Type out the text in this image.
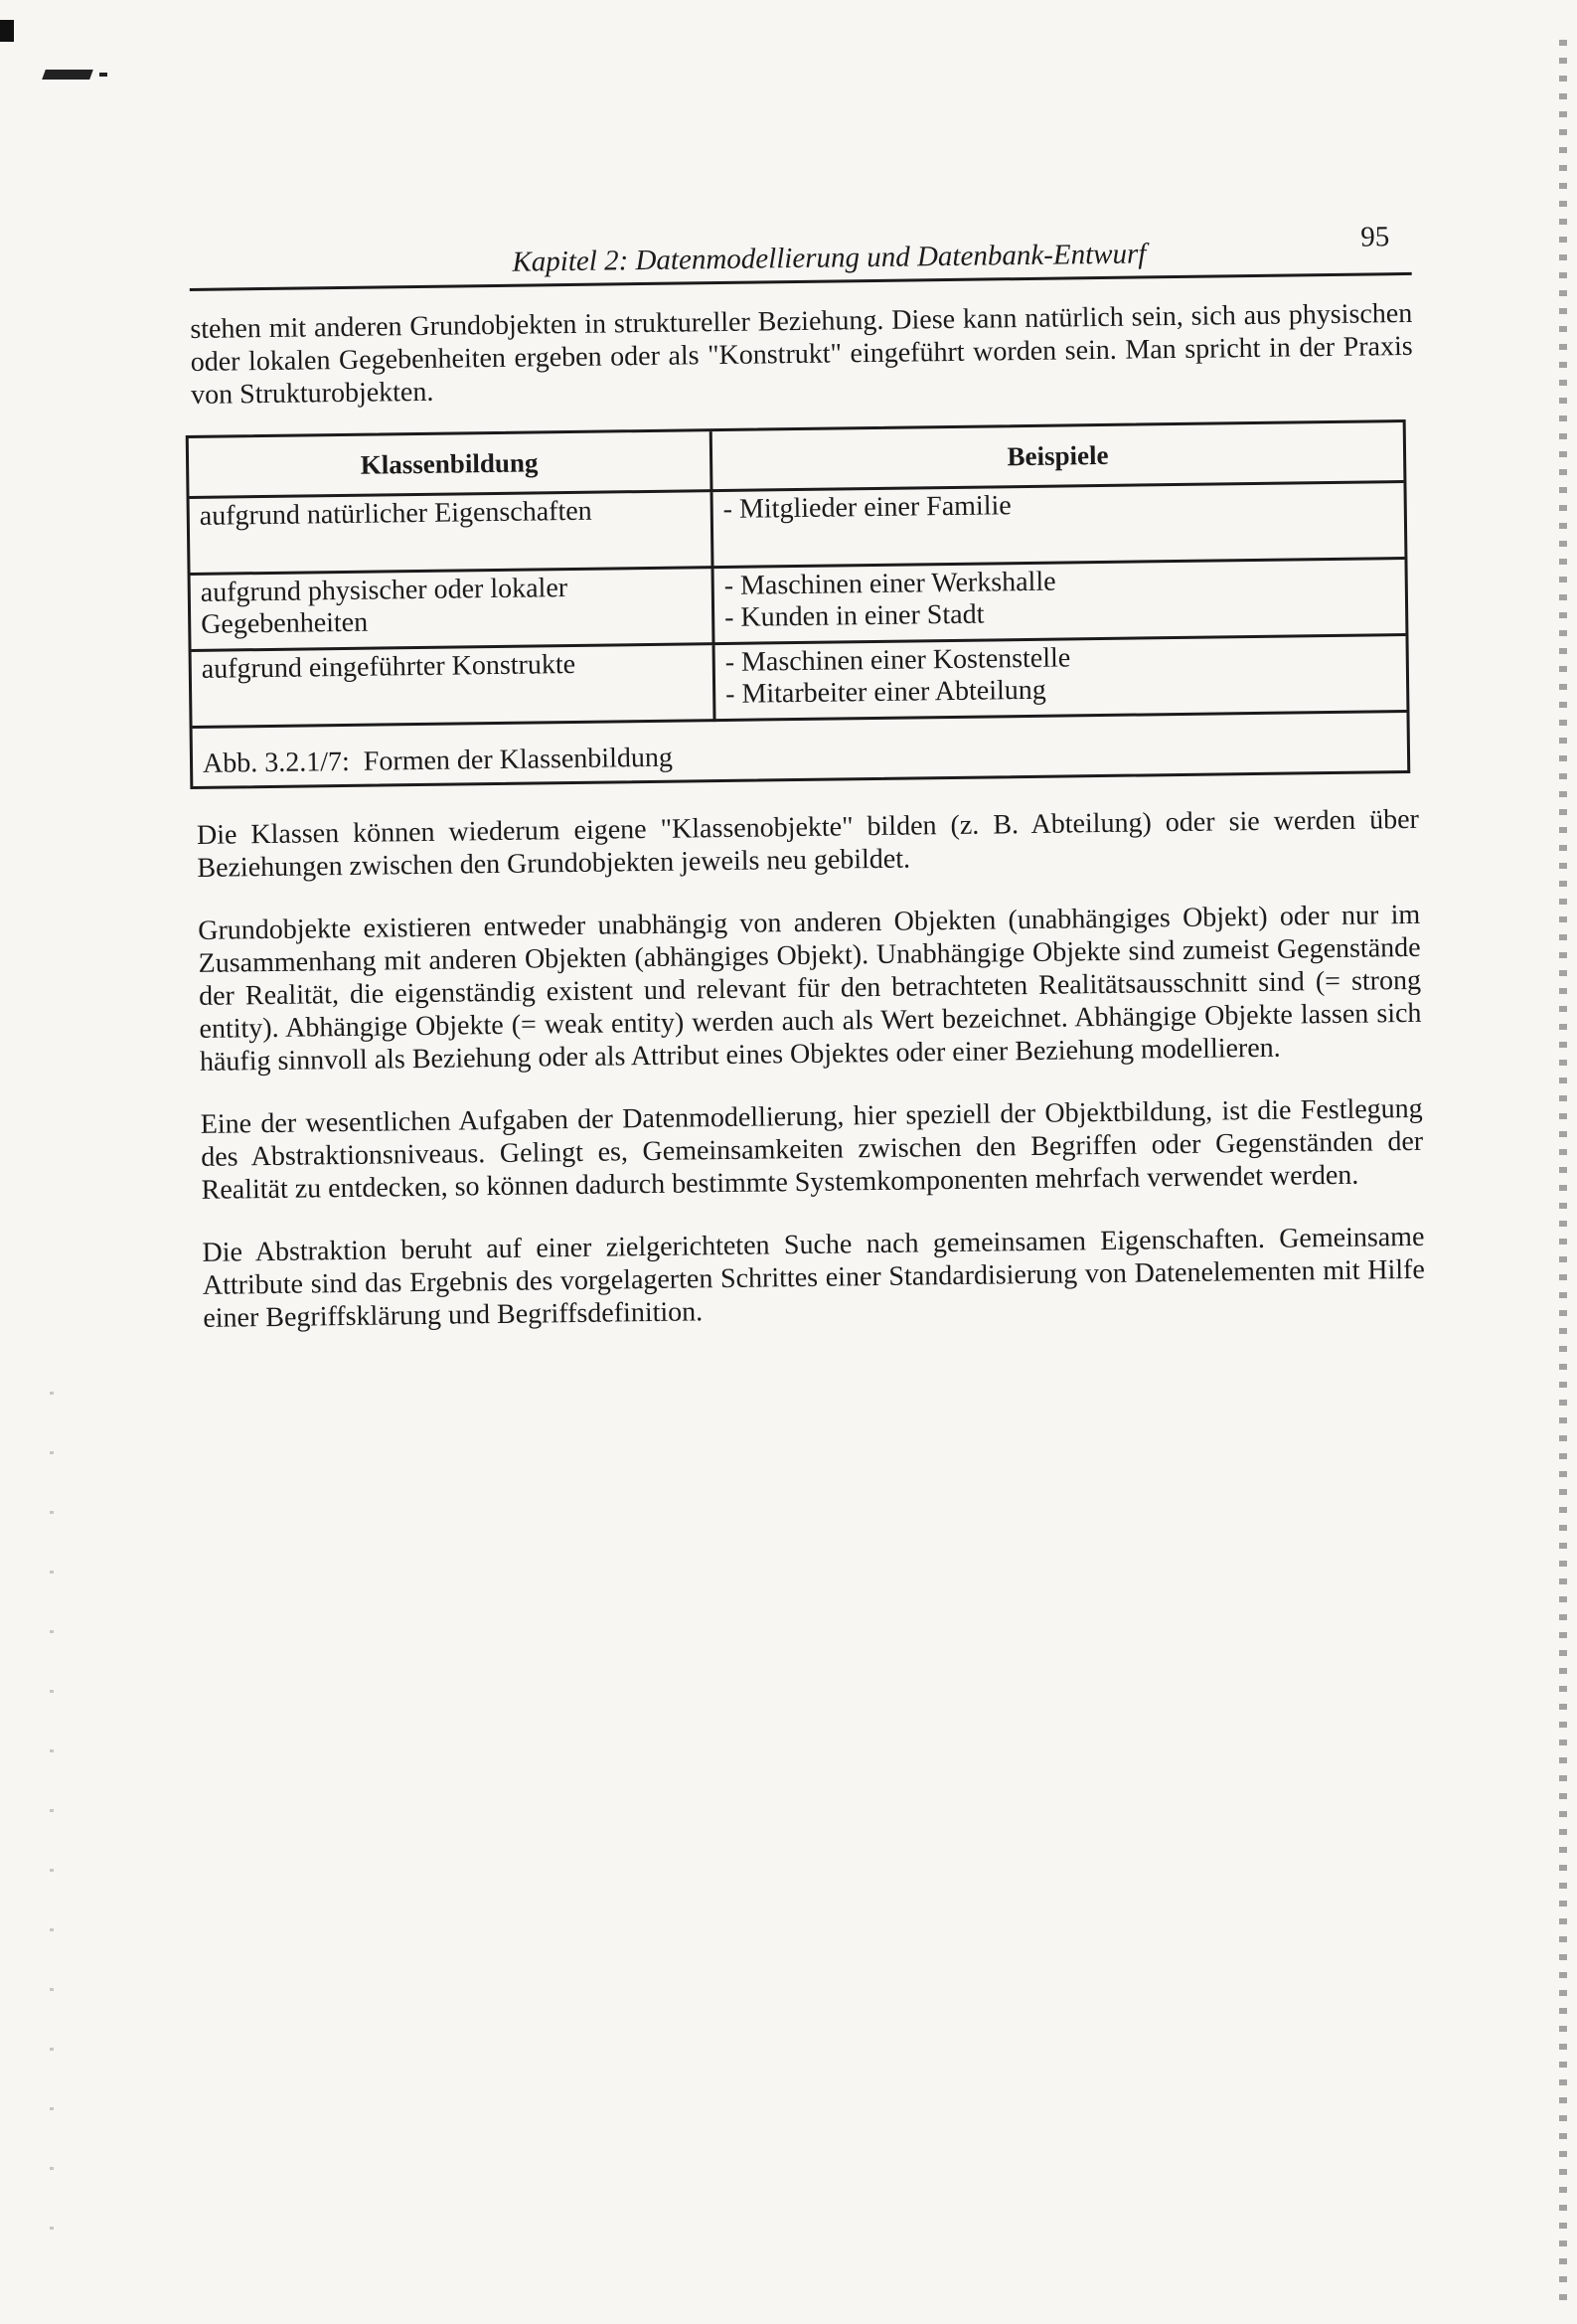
Kapitel 2: Datenmodellierung und Datenbank-Entwurf
95

stehen mit anderen Grundobjekten in struktureller Beziehung. Diese kann natürlich sein, sich aus physischen oder lokalen Gegebenheiten ergeben oder als "Konstrukt" eingeführt worden sein. Man spricht in der Praxis von Strukturobjekten.

Klassenbildung	Beispiele
aufgrund natürlicher Eigenschaften	- Mitglieder einer Familie

aufgrund physischer oder lokaler Gegebenheiten	- Maschinen einer Werkshalle
- Kunden in einer Stadt

aufgrund eingeführter Konstrukte	- Maschinen einer Kostenstelle
- Mitarbeiter einer Abteilung
Abb. 3.2.1/7: Formen der Klassenbildung

Die Klassen können wiederum eigene "Klassenobjekte" bilden (z. B. Abteilung) oder sie werden über Beziehungen zwischen den Grundobjekten jeweils neu gebildet.

Grundobjekte existieren entweder unabhängig von anderen Objekten (unabhängiges Objekt) oder nur im Zusammenhang mit anderen Objekten (abhängiges Objekt). Unabhängige Objekte sind zumeist Gegenstände der Realität, die eigenständig existent und relevant für den betrachteten Realitätsausschnitt sind (= strong entity). Abhängige Objekte (= weak entity) werden auch als Wert bezeichnet. Abhängige Objekte lassen sich häufig sinnvoll als Beziehung oder als Attribut eines Objektes oder einer Beziehung modellieren.

Eine der wesentlichen Aufgaben der Datenmodellierung, hier speziell der Objektbildung, ist die Festlegung des Abstraktionsniveaus. Gelingt es, Gemeinsamkeiten zwischen den Begriffen oder Gegenständen der Realität zu entdecken, so können dadurch bestimmte Systemkomponenten mehrfach verwendet werden.

Die Abstraktion beruht auf einer zielgerichteten Suche nach gemeinsamen Eigenschaften. Gemeinsame Attribute sind das Ergebnis des vorgelagerten Schrittes einer Standardisierung von Datenelementen mit Hilfe einer Begriffsklärung und Begriffsdefinition.
